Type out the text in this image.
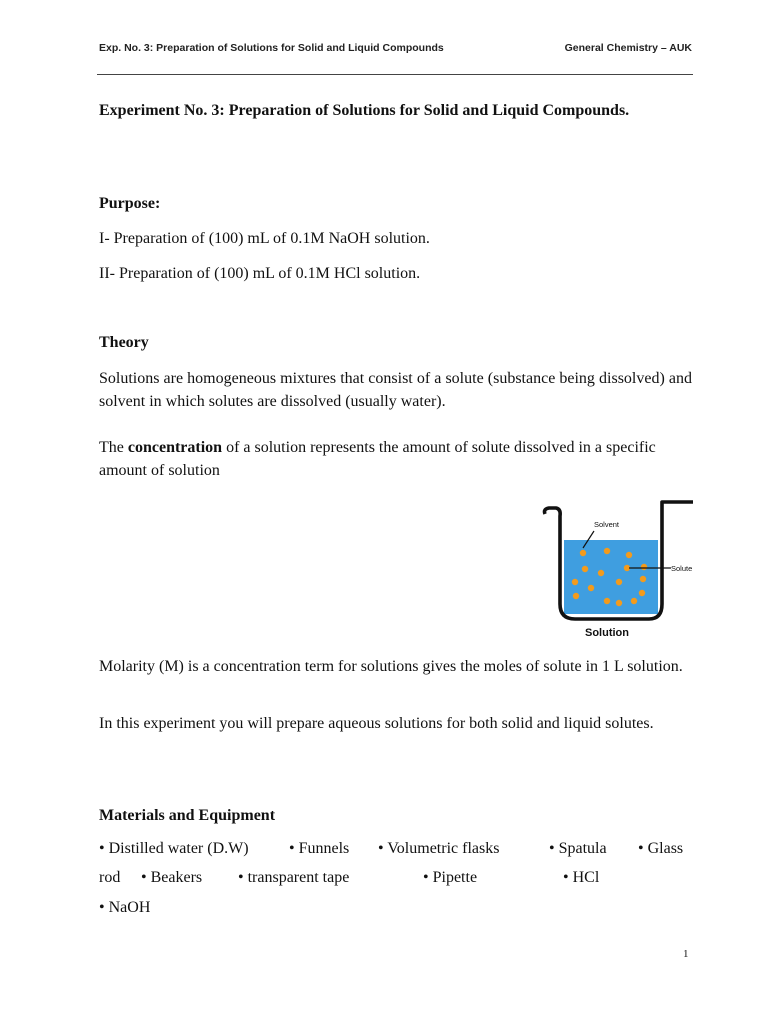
Exp. No. 3: Preparation of Solutions for Solid and Liquid Compounds	General Chemistry – AUK
Experiment No. 3: Preparation of Solutions for Solid and Liquid Compounds.
Purpose:
I- Preparation of (100) mL of 0.1M NaOH solution.
II- Preparation of (100) mL of 0.1M HCl solution.
Theory
Solutions are homogeneous mixtures that consist of a solute (substance being dissolved) and solvent in which solutes are dissolved (usually water).
The concentration of a solution represents the amount of solute dissolved in a specific amount of solution
Solvent
Solute
Solution
Molarity (M) is a concentration term for solutions gives the moles of solute in 1 L solution.
In this experiment you will prepare aqueous solutions for both solid and liquid solutes.
Materials and Equipment
• Distilled water (D.W)	• Funnels • Volumetric flasks	• Spatula • Glass
rod • Beakers • transparent tape	• Pipette	• HCl
• NaOH
1
